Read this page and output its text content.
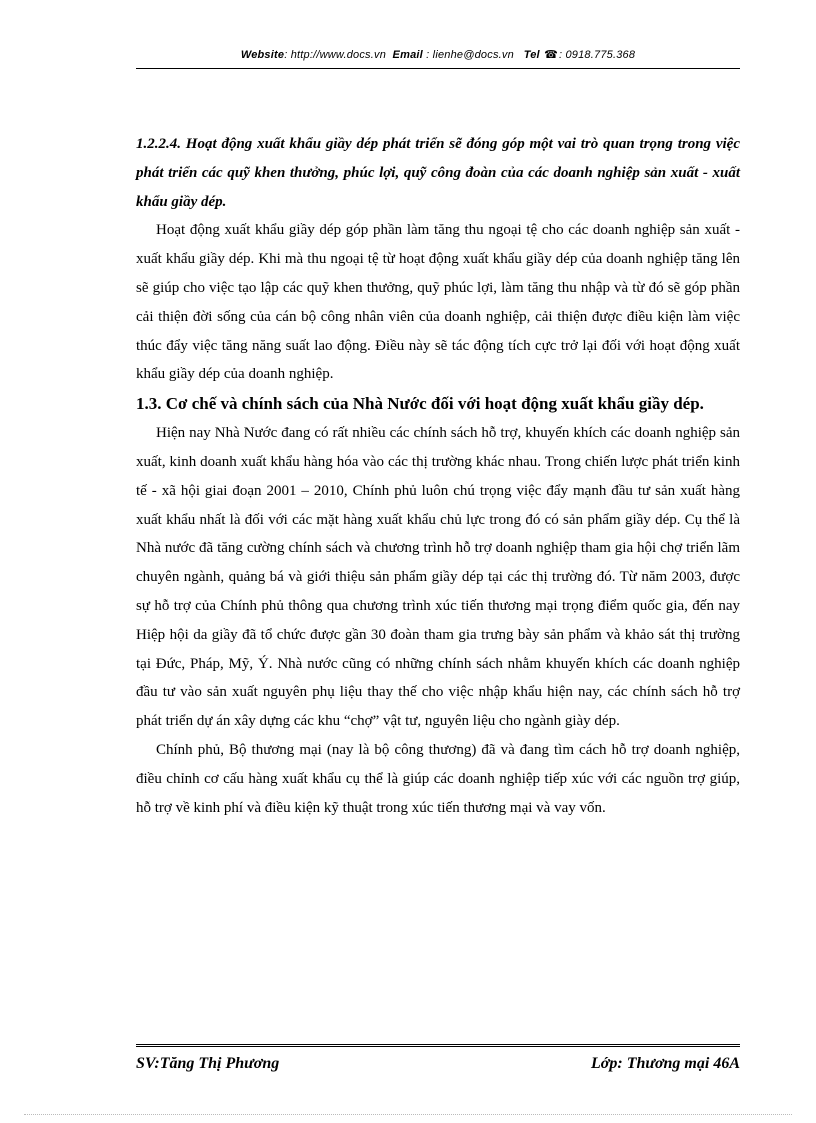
Website: http://www.docs.vn Email : lienhe@docs.vn Tel ☎: 0918.775.368

1.2.2.4. Hoạt động xuất khẩu giầy dép phát triển sẽ đóng góp một vai trò quan trọng trong việc phát triển các quỹ khen thưởng, phúc lợi, quỹ công đoàn của các doanh nghiệp sản xuất - xuất khẩu giầy dép.

Hoạt động xuất khẩu giầy dép góp phần làm tăng thu ngoại tệ cho các doanh nghiệp sản xuất - xuất khẩu giầy dép. Khi mà thu ngoại tệ từ hoạt động xuất khẩu giầy dép của doanh nghiệp tăng lên sẽ giúp cho việc tạo lập các quỹ khen thưởng, quỹ phúc lợi, làm tăng thu nhập và từ đó sẽ góp phần cải thiện đời sống của cán bộ công nhân viên của doanh nghiệp, cải thiện được điều kiện làm việc thúc đẩy việc tăng năng suất lao động. Điều này sẽ tác động tích cực trở lại đối với hoạt động xuất khẩu giầy dép của doanh nghiệp.

1.3. Cơ chế và chính sách của Nhà Nước đối với hoạt động xuất khẩu giầy dép.

Hiện nay Nhà Nước đang có rất nhiều các chính sách hỗ trợ, khuyến khích các doanh nghiệp sản xuất, kinh doanh xuất khẩu hàng hóa vào các thị trường khác nhau. Trong chiến lược phát triển kinh tế - xã hội giai đoạn 2001 – 2010, Chính phủ luôn chú trọng việc đẩy mạnh đầu tư sản xuất hàng xuất khẩu nhất là đối với các mặt hàng xuất khẩu chủ lực trong đó có sản phẩm giầy dép. Cụ thể là Nhà nước đã tăng cường chính sách và chương trình hỗ trợ doanh nghiệp tham gia hội chợ triển lãm chuyên ngành, quảng bá và giới thiệu sản phẩm giầy dép tại các thị trường đó. Từ năm 2003, được sự hỗ trợ của Chính phủ thông qua chương trình xúc tiến thương mại trọng điểm quốc gia, đến nay Hiệp hội da giầy đã tổ chức được gần 30 đoàn tham gia trưng bày sản phẩm và khảo sát thị trường tại Đức, Pháp, Mỹ, Ý. Nhà nước cũng có những chính sách nhằm khuyến khích các doanh nghiệp đầu tư vào sản xuất nguyên phụ liệu thay thế cho việc nhập khẩu hiện nay, các chính sách hỗ trợ phát triển dự án xây dựng các khu “chợ” vật tư, nguyên liệu cho ngành giày dép.

Chính phủ, Bộ thương mại (nay là bộ công thương) đã và đang tìm cách hỗ trợ doanh nghiệp, điều chỉnh cơ cấu hàng xuất khẩu cụ thể là giúp các doanh nghiệp tiếp xúc với các nguồn trợ giúp, hỗ trợ về kinh phí và điều kiện kỹ thuật trong xúc tiến thương mại và vay vốn.

SV:Tăng Thị Phương	Lớp: Thương mại 46A
